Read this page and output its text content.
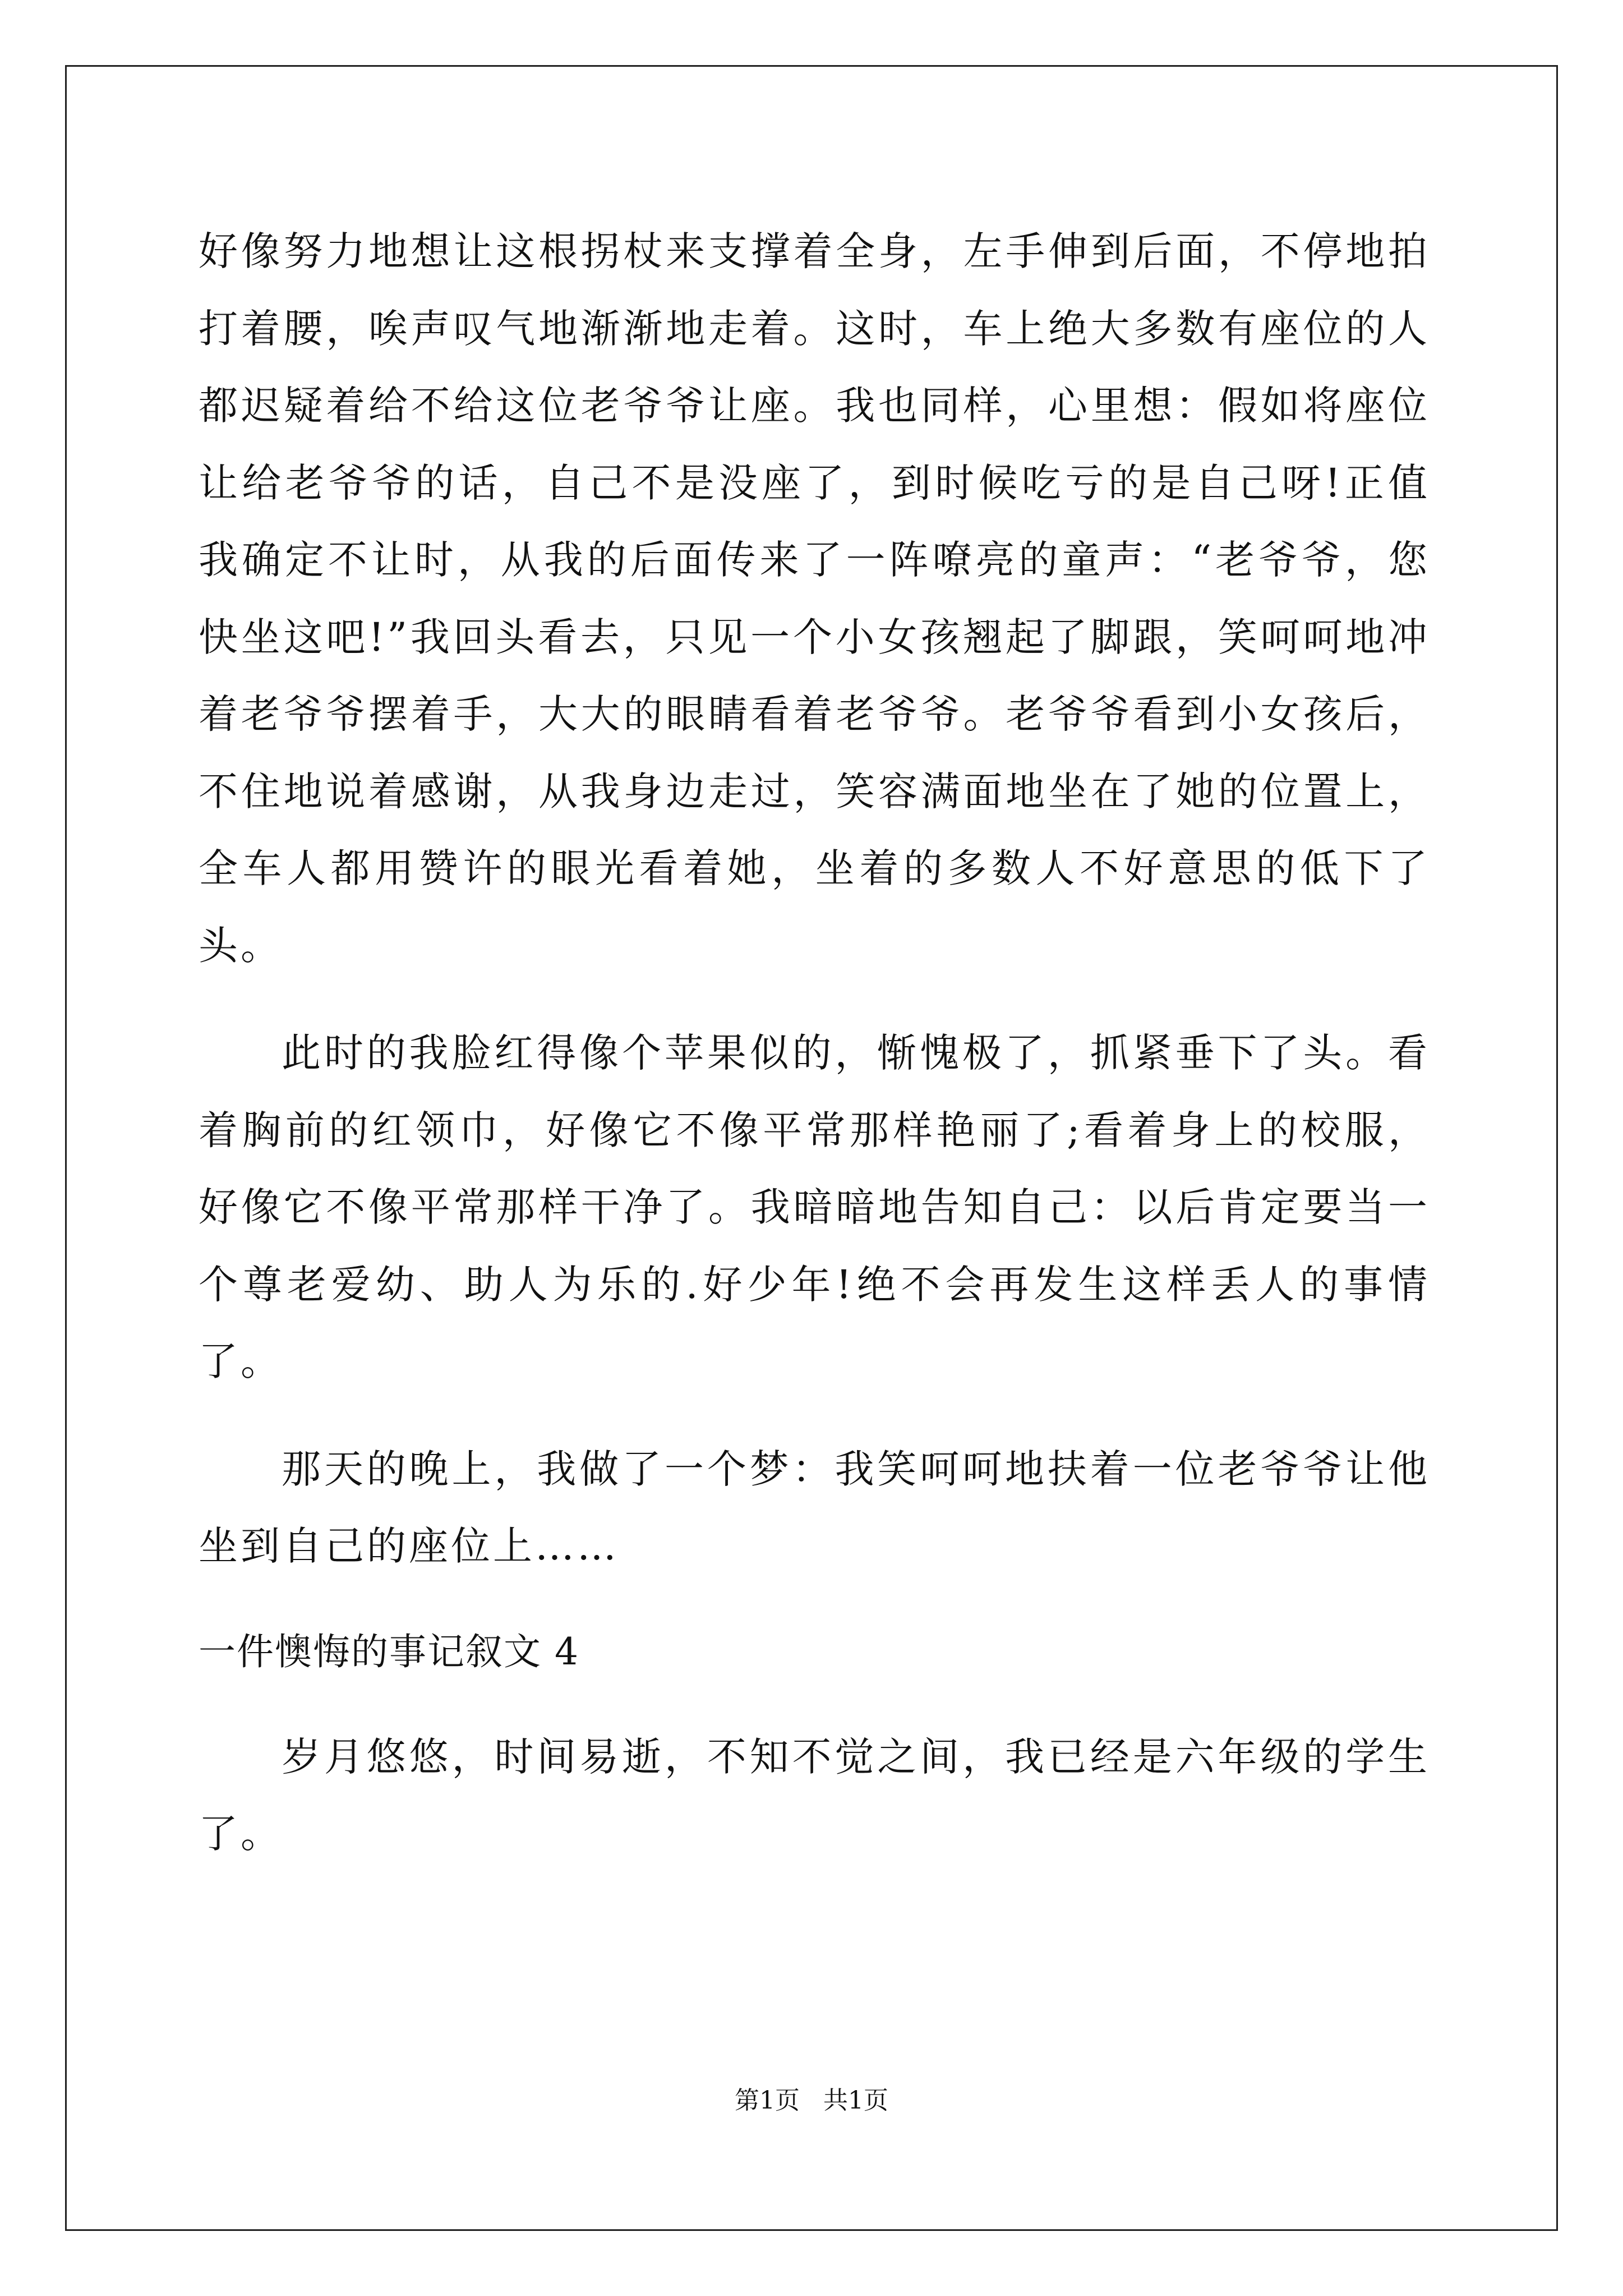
好像努力地想让这根拐杖来支撑着全身，左手伸到后面，不停地拍打着腰，唉声叹气地渐渐地走着。这时，车上绝大多数有座位的人都迟疑着给不给这位老爷爷让座。我也同样，心里想：假如将座位让给老爷爷的话，自己不是没座了，到时候吃亏的是自己呀!正值我确定不让时，从我的后面传来了一阵嘹亮的童声：“老爷爷，您快坐这吧!”我回头看去，只见一个小女孩翘起了脚跟，笑呵呵地冲着老爷爷摆着手，大大的眼睛看着老爷爷。老爷爷看到小女孩后，不住地说着感谢，从我身边走过，笑容满面地坐在了她的位置上，全车人都用赞许的眼光看着她，坐着的多数人不好意思的低下了头。

此时的我脸红得像个苹果似的，惭愧极了，抓紧垂下了头。看着胸前的红领巾，好像它不像平常那样艳丽了;看着身上的校服，好像它不像平常那样干净了。我暗暗地告知自己：以后肯定要当一个尊老爱幼、助人为乐的.好少年!绝不会再发生这样丢人的事情了。

那天的晚上，我做了一个梦：我笑呵呵地扶着一位老爷爷让他坐到自己的座位上……

一件懊悔的事记叙文 4

岁月悠悠，时间易逝，不知不觉之间，我已经是六年级的学生了。

第1页 共1页
